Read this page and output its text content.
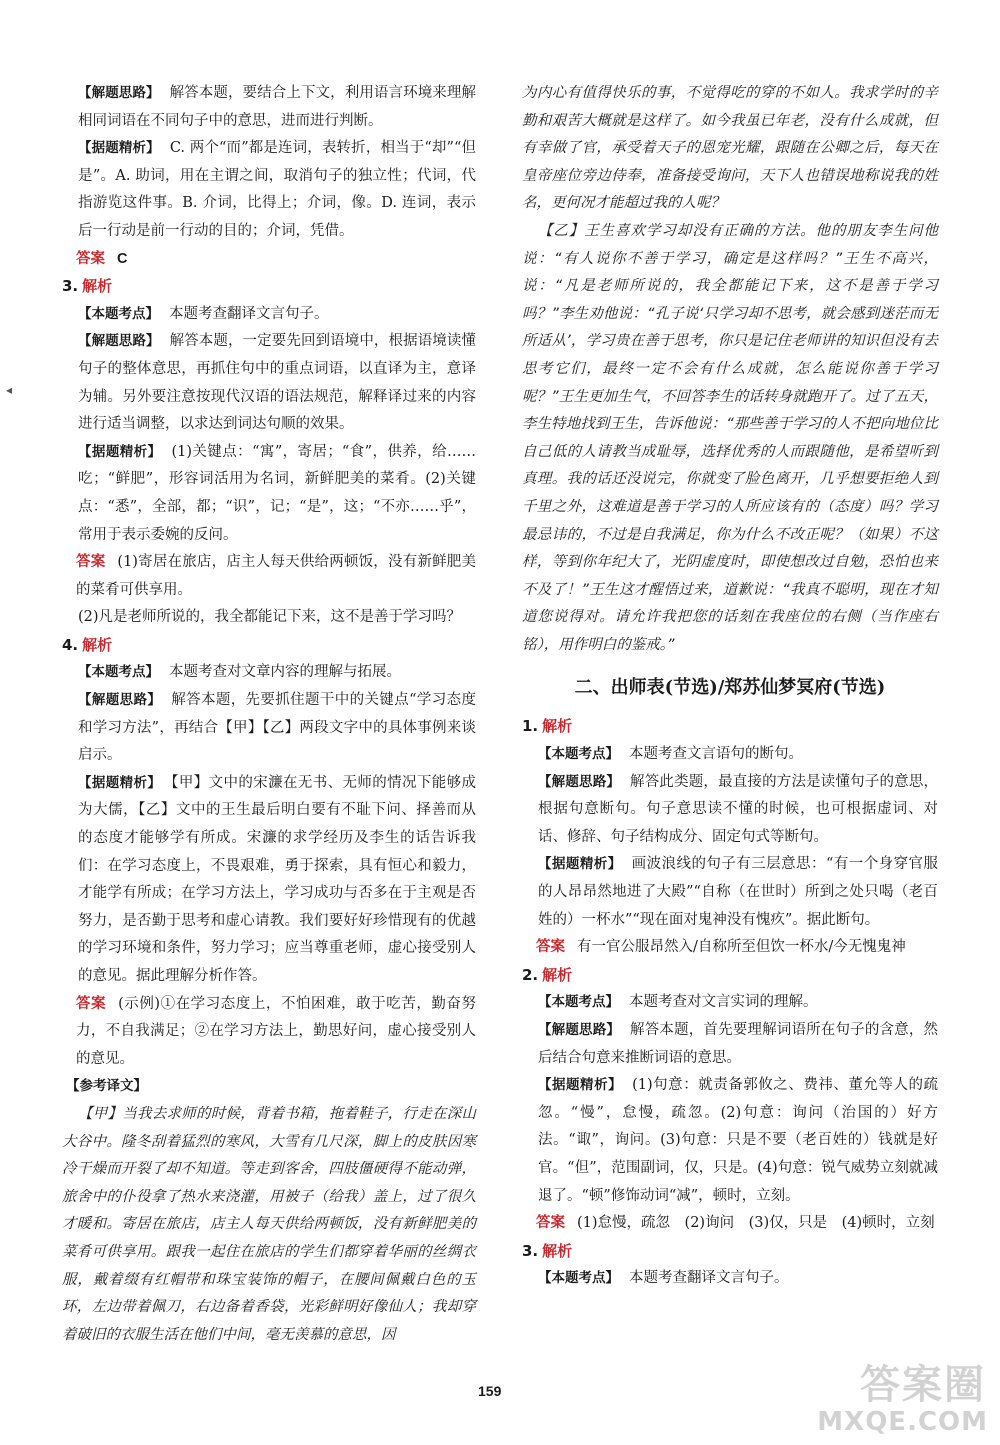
【解题思路】 解答本题，要结合上下文，利用语言环境来理解相同词语在不同句子中的意思，进而进行判断。

【据题精析】 C. 两个“而”都是连词，表转折，相当于“却”“但是”。A. 助词，用在主谓之间，取消句子的独立性；代词，代指游览这件事。B. 介词，比得上；介词，像。D. 连词，表示后一行动是前一行动的目的；介词，凭借。

答案 C

3. 解析

【本题考点】 本题考查翻译文言句子。

【解题思路】 解答本题，一定要先回到语境中，根据语境读懂句子的整体意思，再抓住句中的重点词语，以直译为主，意译为辅。另外要注意按现代汉语的语法规范，解释译过来的内容进行适当调整，以求达到词达句顺的效果。

【据题精析】 (1)关键点：“寓”，寄居；“食”，供养，给……吃；“鲜肥”，形容词活用为名词，新鲜肥美的菜肴。(2)关键点：“悉”，全部，都；“识”，记；“是”，这；“不亦……乎”，常用于表示委婉的反问。

答案 (1)寄居在旅店，店主人每天供给两顿饭，没有新鲜肥美的菜肴可供享用。

(2)凡是老师所说的，我全都能记下来，这不是善于学习吗？

4. 解析

【本题考点】 本题考查对文章内容的理解与拓展。

【解题思路】 解答本题，先要抓住题干中的关键点“学习态度和学习方法”，再结合【甲】【乙】两段文字中的具体事例来谈启示。

【据题精析】 【甲】文中的宋濂在无书、无师的情况下能够成为大儒，【乙】文中的王生最后明白要有不耻下问、择善而从的态度才能够学有所成。宋濂的求学经历及李生的话告诉我们：在学习态度上，不畏艰难，勇于探索，具有恒心和毅力，才能学有所成；在学习方法上，学习成功与否多在于主观是否努力，是否勤于思考和虚心请教。我们要好好珍惜现有的优越的学习环境和条件，努力学习；应当尊重老师，虚心接受别人的意见。据此理解分析作答。

答案 (示例)①在学习态度上，不怕困难，敢于吃苦，勤奋努力，不自我满足；②在学习方法上，勤思好问，虚心接受别人的意见。

【参考译文】

【甲】当我去求师的时候，背着书箱，拖着鞋子，行走在深山大谷中。隆冬刮着猛烈的寒风，大雪有几尺深，脚上的皮肤因寒冷干燥而开裂了却不知道。等走到客舍，四肢僵硬得不能动弹，旅舍中的仆役拿了热水来浇灌，用被子（给我）盖上，过了很久才暖和。寄居在旅店，店主人每天供给两顿饭，没有新鲜肥美的菜肴可供享用。跟我一起住在旅店的学生们都穿着华丽的丝绸衣服，戴着缀有红帽带和珠宝装饰的帽子，在腰间佩戴白色的玉环，左边带着佩刀，右边备着香袋，光彩鲜明好像仙人；我却穿着破旧的衣服生活在他们中间，毫无羡慕的意思，因

为内心有值得快乐的事，不觉得吃的穿的不如人。我求学时的辛勤和艰苦大概就是这样了。如今我虽已年老，没有什么成就，但有幸做了官，承受着天子的恩宠光耀，跟随在公卿之后，每天在皇帝座位旁边侍奉，准备接受询问，天下人也错误地称说我的姓名，更何况才能超过我的人呢？

【乙】王生喜欢学习却没有正确的方法。他的朋友李生问他说：“有人说你不善于学习，确定是这样吗？”王生不高兴，说：“凡是老师所说的，我全都能记下来，这不是善于学习吗？”李生劝他说：“孔子说‘只学习却不思考，就会感到迷茫而无所适从’，学习贵在善于思考，你只是记住老师讲的知识但没有去思考它们，最终一定不会有什么成就，怎么能说你善于学习呢？”王生更加生气，不回答李生的话转身就跑开了。过了五天，李生特地找到王生，告诉他说：“那些善于学习的人不把向地位比自己低的人请教当成耻辱，选择优秀的人而跟随他，是希望听到真理。我的话还没说完，你就变了脸色离开，几乎想要拒绝人到千里之外，这难道是善于学习的人所应该有的（态度）吗？学习最忌讳的，不过是自我满足，你为什么不改正呢？（如果）不这样，等到你年纪大了，光阴虚度时，即使想改过自勉，恐怕也来不及了！”王生这才醒悟过来，道歉说：“我真不聪明，现在才知道您说得对。请允许我把您的话刻在我座位的右侧（当作座右铭），用作明白的鉴戒。”

二、出师表(节选)/郑苏仙梦冥府(节选)

1. 解析

【本题考点】 本题考查文言语句的断句。

【解题思路】 解答此类题，最直接的方法是读懂句子的意思，根据句意断句。句子意思读不懂的时候，也可根据虚词、对话、修辞、句子结构成分、固定句式等断句。

【据题精析】 画波浪线的句子有三层意思：“有一个身穿官服的人昂昂然地进了大殿”“自称（在世时）所到之处只喝（老百姓的）一杯水”“现在面对鬼神没有愧疚”。据此断句。

答案 有一官公服昂然入/自称所至但饮一杯水/今无愧鬼神

2. 解析

【本题考点】 本题考查对文言实词的理解。

【解题思路】 解答本题，首先要理解词语所在句子的含意，然后结合句意来推断词语的意思。

【据题精析】 (1)句意：就责备郭攸之、费祎、董允等人的疏忽。“慢”，怠慢，疏忽。(2)句意：询问（治国的）好方法。“诹”，询问。(3)句意：只是不要（老百姓的）钱就是好官。“但”，范围副词，仅，只是。(4)句意：锐气威势立刻就减退了。“顿”修饰动词“减”，顿时，立刻。

答案 (1)怠慢，疏忽　(2)询问　(3)仅，只是　(4)顿时，立刻

3. 解析

【本题考点】 本题考查翻译文言句子。

◂
159	答案圈
MXQE.COM
